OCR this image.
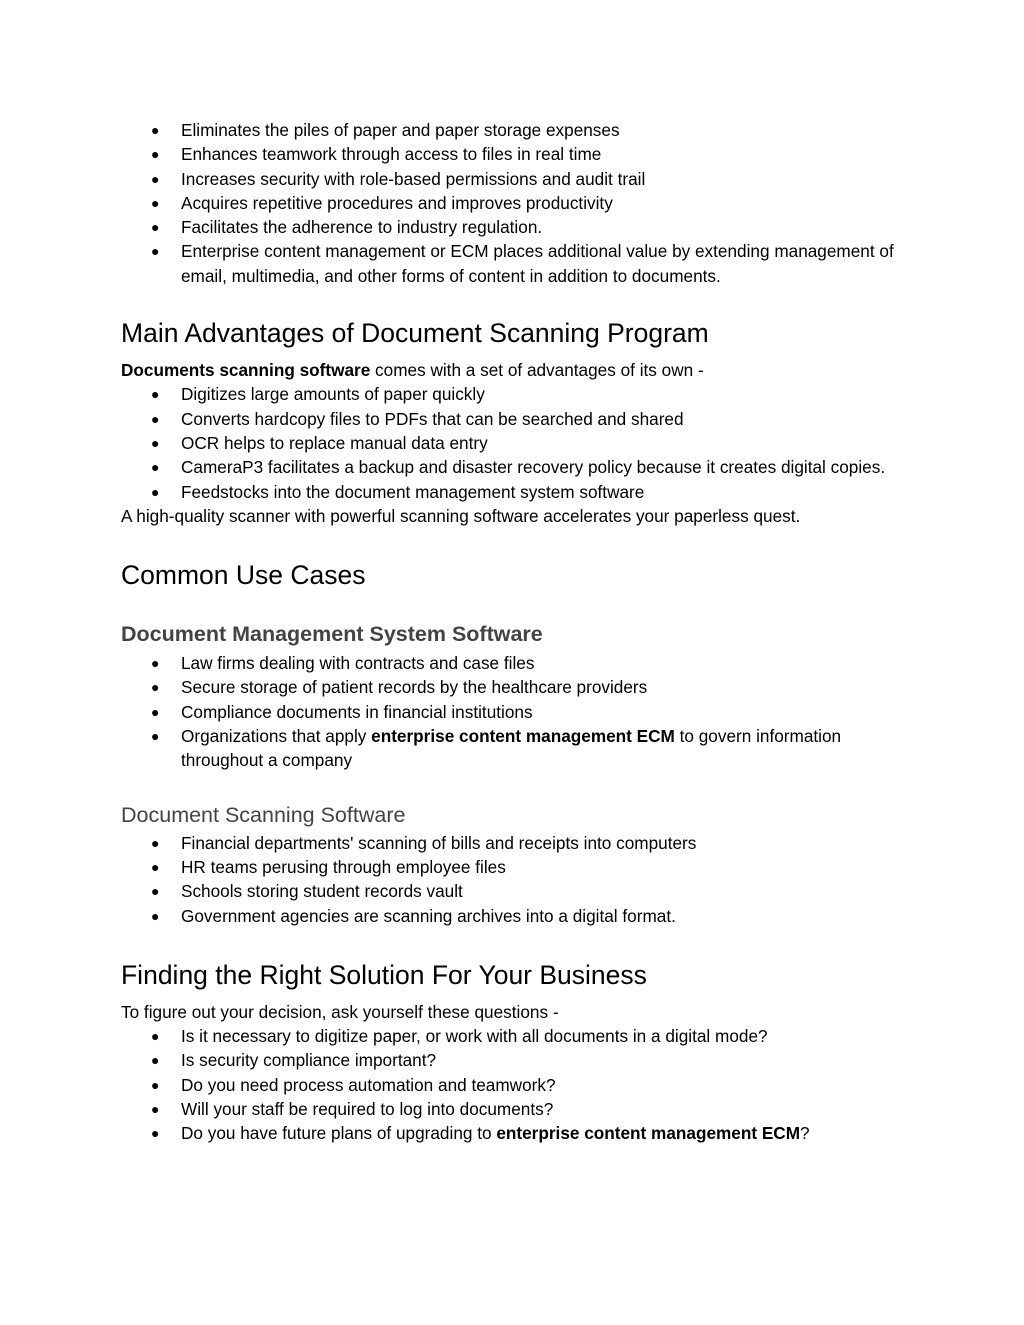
● Eliminates the piles of paper and paper storage expenses
● Enhances teamwork through access to files in real time
● Increases security with role-based permissions and audit trail
● Acquires repetitive procedures and improves productivity
● Facilitates the adherence to industry regulation.
● Enterprise content management or ECM places additional value by extending management of email, multimedia, and other forms of content in addition to documents.
Main Advantages of Document Scanning Program

Documents scanning software comes with a set of advantages of its own -

● Digitizes large amounts of paper quickly
● Converts hardcopy files to PDFs that can be searched and shared
● OCR helps to replace manual data entry
● CameraP3 facilitates a backup and disaster recovery policy because it creates digital copies.
● Feedstocks into the document management system software

A high-quality scanner with powerful scanning software accelerates your paperless quest.

Common Use Cases
Document Management System Software
● Law firms dealing with contracts and case files
● Secure storage of patient records by the healthcare providers
● Compliance documents in financial institutions
● Organizations that apply enterprise content management ECM to govern information throughout a company
Document Scanning Software
● Financial departments' scanning of bills and receipts into computers
● HR teams perusing through employee files
● Schools storing student records vault
● Government agencies are scanning archives into a digital format.
Finding the Right Solution For Your Business

To figure out your decision, ask yourself these questions -

● Is it necessary to digitize paper, or work with all documents in a digital mode?
● Is security compliance important?
● Do you need process automation and teamwork?
● Will your staff be required to log into documents?
● Do you have future plans of upgrading to enterprise content management ECM?
